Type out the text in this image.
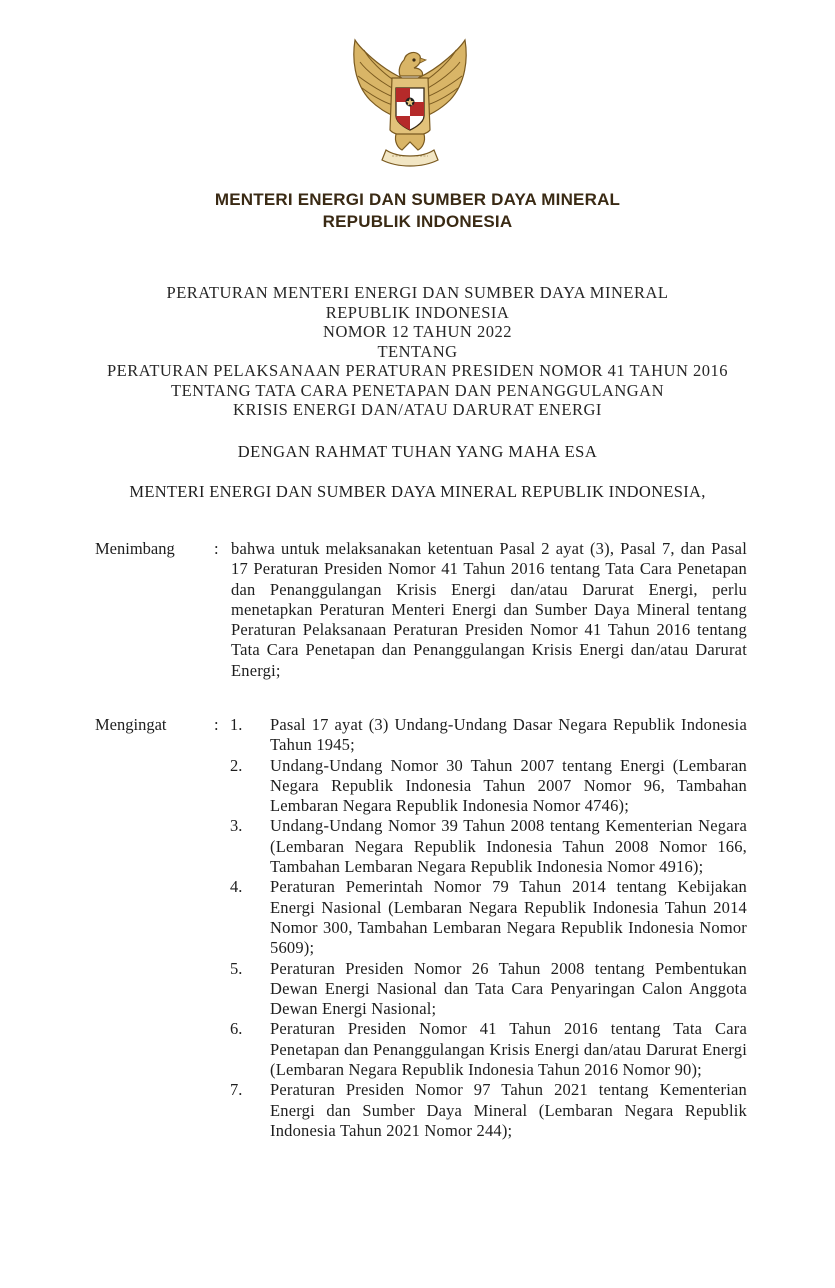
MENTERI ENERGI DAN SUMBER DAYA MINERAL
REPUBLIK INDONESIA
PERATURAN MENTERI ENERGI DAN SUMBER DAYA MINERAL
REPUBLIK INDONESIA
NOMOR 12 TAHUN 2022
TENTANG
PERATURAN PELAKSANAAN PERATURAN PRESIDEN NOMOR 41 TAHUN 2016
TENTANG TATA CARA PENETAPAN DAN PENANGGULANGAN
KRISIS ENERGI DAN/ATAU DARURAT ENERGI
DENGAN RAHMAT TUHAN YANG MAHA ESA
MENTERI ENERGI DAN SUMBER DAYA MINERAL REPUBLIK INDONESIA,
Menimbang : bahwa untuk melaksanakan ketentuan Pasal 2 ayat (3), Pasal 7, dan Pasal 17 Peraturan Presiden Nomor 41 Tahun 2016 tentang Tata Cara Penetapan dan Penanggulangan Krisis Energi dan/atau Darurat Energi, perlu menetapkan Peraturan Menteri Energi dan Sumber Daya Mineral tentang Peraturan Pelaksanaan Peraturan Presiden Nomor 41 Tahun 2016 tentang Tata Cara Penetapan dan Penanggulangan Krisis Energi dan/atau Darurat Energi;
Mengingat	: 1.	Pasal 17 ayat (3) Undang-Undang Dasar Negara Republik Indonesia Tahun 1945;
2.	Undang-Undang Nomor 30 Tahun 2007 tentang Energi (Lembaran Negara Republik Indonesia Tahun 2007 Nomor 96, Tambahan Lembaran Negara Republik Indonesia Nomor 4746);
3.	Undang-Undang Nomor 39 Tahun 2008 tentang Kementerian Negara (Lembaran Negara Republik Indonesia Tahun 2008 Nomor 166, Tambahan Lembaran Negara Republik Indonesia Nomor 4916);
4.	Peraturan Pemerintah Nomor 79 Tahun 2014 tentang Kebijakan Energi Nasional (Lembaran Negara Republik Indonesia Tahun 2014 Nomor 300, Tambahan Lembaran Negara Republik Indonesia Nomor 5609);
5.	Peraturan Presiden Nomor 26 Tahun 2008 tentang Pembentukan Dewan Energi Nasional dan Tata Cara Penyaringan Calon Anggota Dewan Energi Nasional;
6.	Peraturan Presiden Nomor 41 Tahun 2016 tentang Tata Cara Penetapan dan Penanggulangan Krisis Energi dan/atau Darurat Energi (Lembaran Negara Republik Indonesia Tahun 2016 Nomor 90);
7.	Peraturan Presiden Nomor 97 Tahun 2021 tentang Kementerian Energi dan Sumber Daya Mineral (Lembaran Negara Republik Indonesia Tahun 2021 Nomor 244);
